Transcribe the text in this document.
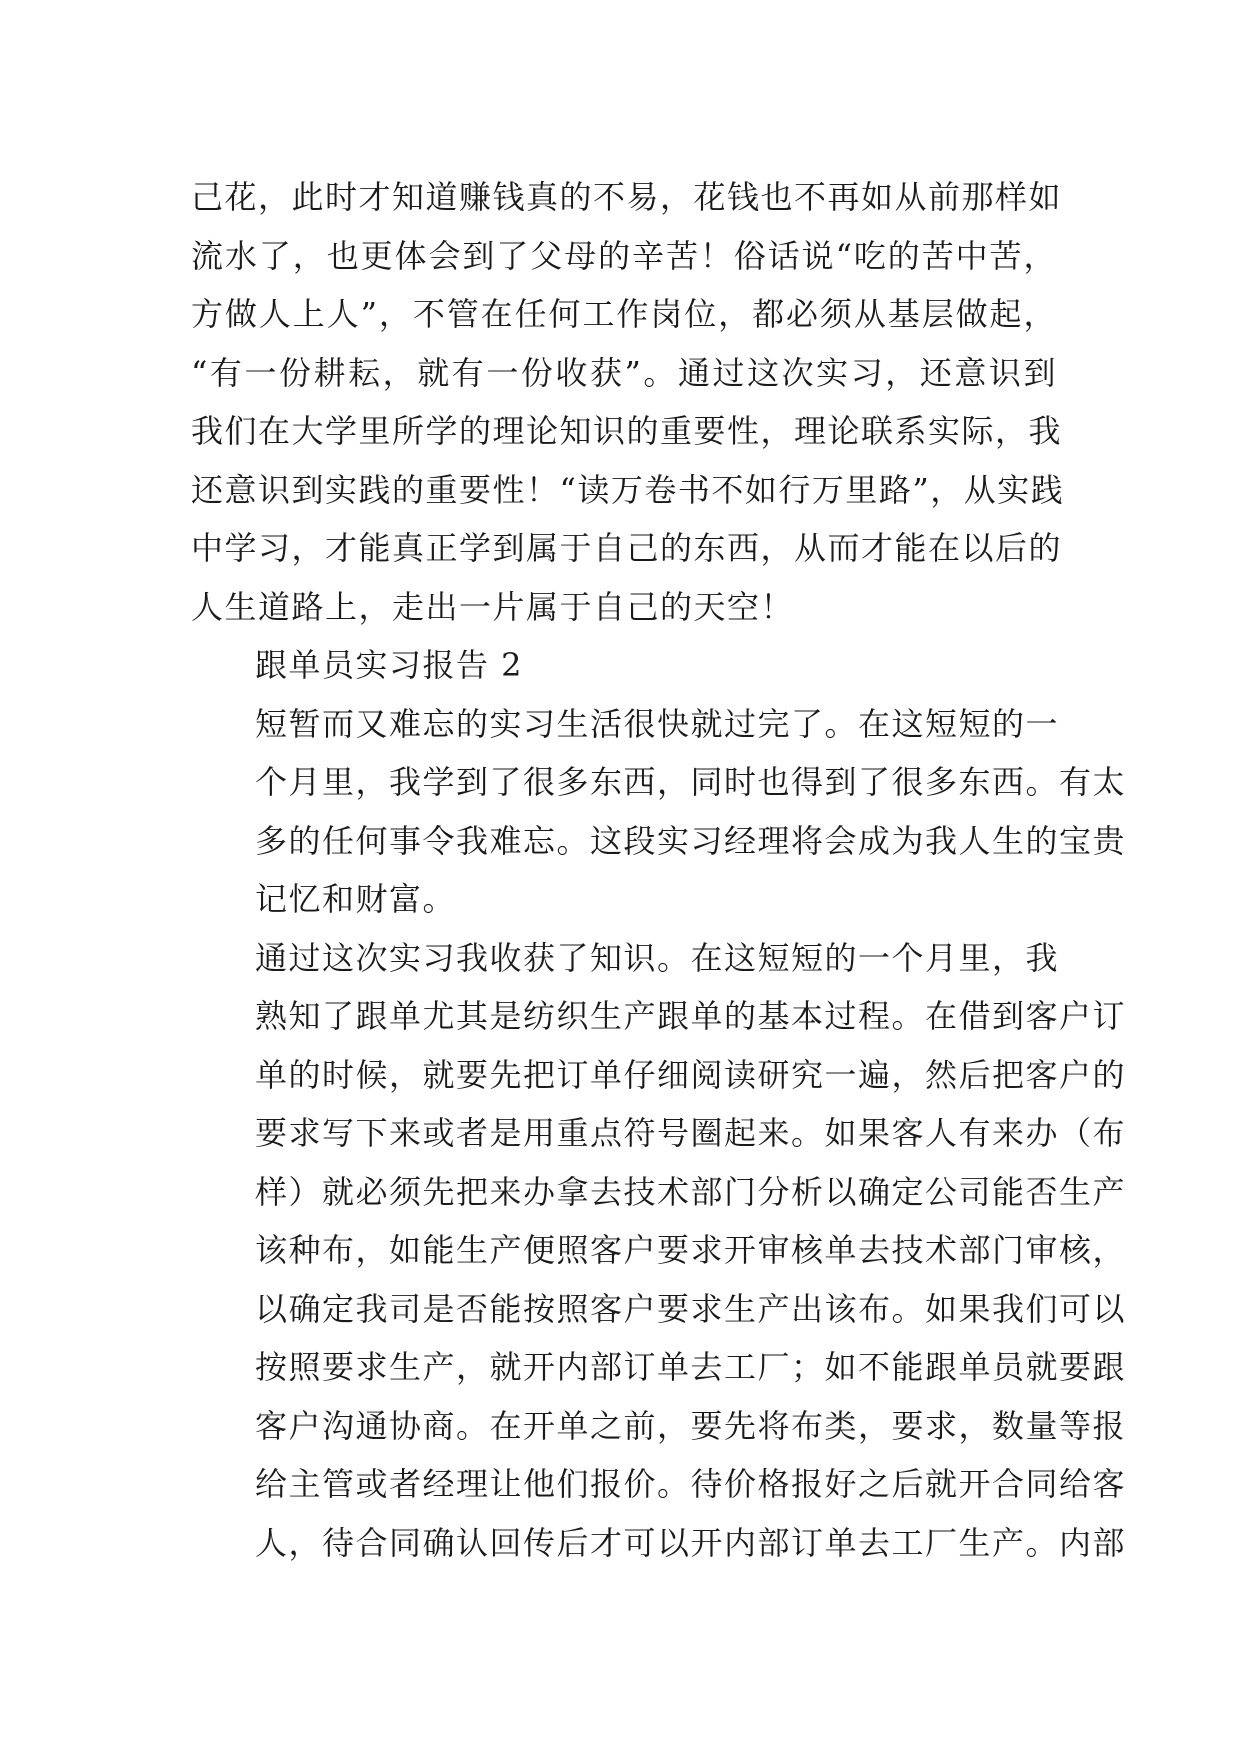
己花，此时才知道赚钱真的不易，花钱也不再如从前那样如
流水了，也更体会到了父母的辛苦！俗话说“吃的苦中苦，
方做人上人”，不管在任何工作岗位，都必须从基层做起，
“有一份耕耘，就有一份收获”。通过这次实习，还意识到
我们在大学里所学的理论知识的重要性，理论联系实际，我
还意识到实践的重要性！“读万卷书不如行万里路”，从实践
中学习，才能真正学到属于自己的东西，从而才能在以后的
人生道路上，走出一片属于自己的天空！
跟单员实习报告 2
短暂而又难忘的实习生活很快就过完了。在这短短的一
个月里，我学到了很多东西，同时也得到了很多东西。有太
多的任何事令我难忘。这段实习经理将会成为我人生的宝贵
记忆和财富。
通过这次实习我收获了知识。在这短短的一个月里，我
熟知了跟单尤其是纺织生产跟单的基本过程。在借到客户订
单的时候，就要先把订单仔细阅读研究一遍，然后把客户的
要求写下来或者是用重点符号圈起来。如果客人有来办（布
样）就必须先把来办拿去技术部门分析以确定公司能否生产
该种布，如能生产便照客户要求开审核单去技术部门审核，
以确定我司是否能按照客户要求生产出该布。如果我们可以
按照要求生产，就开内部订单去工厂；如不能跟单员就要跟
客户沟通协商。在开单之前，要先将布类，要求，数量等报
给主管或者经理让他们报价。待价格报好之后就开合同给客
人，待合同确认回传后才可以开内部订单去工厂生产。内部
